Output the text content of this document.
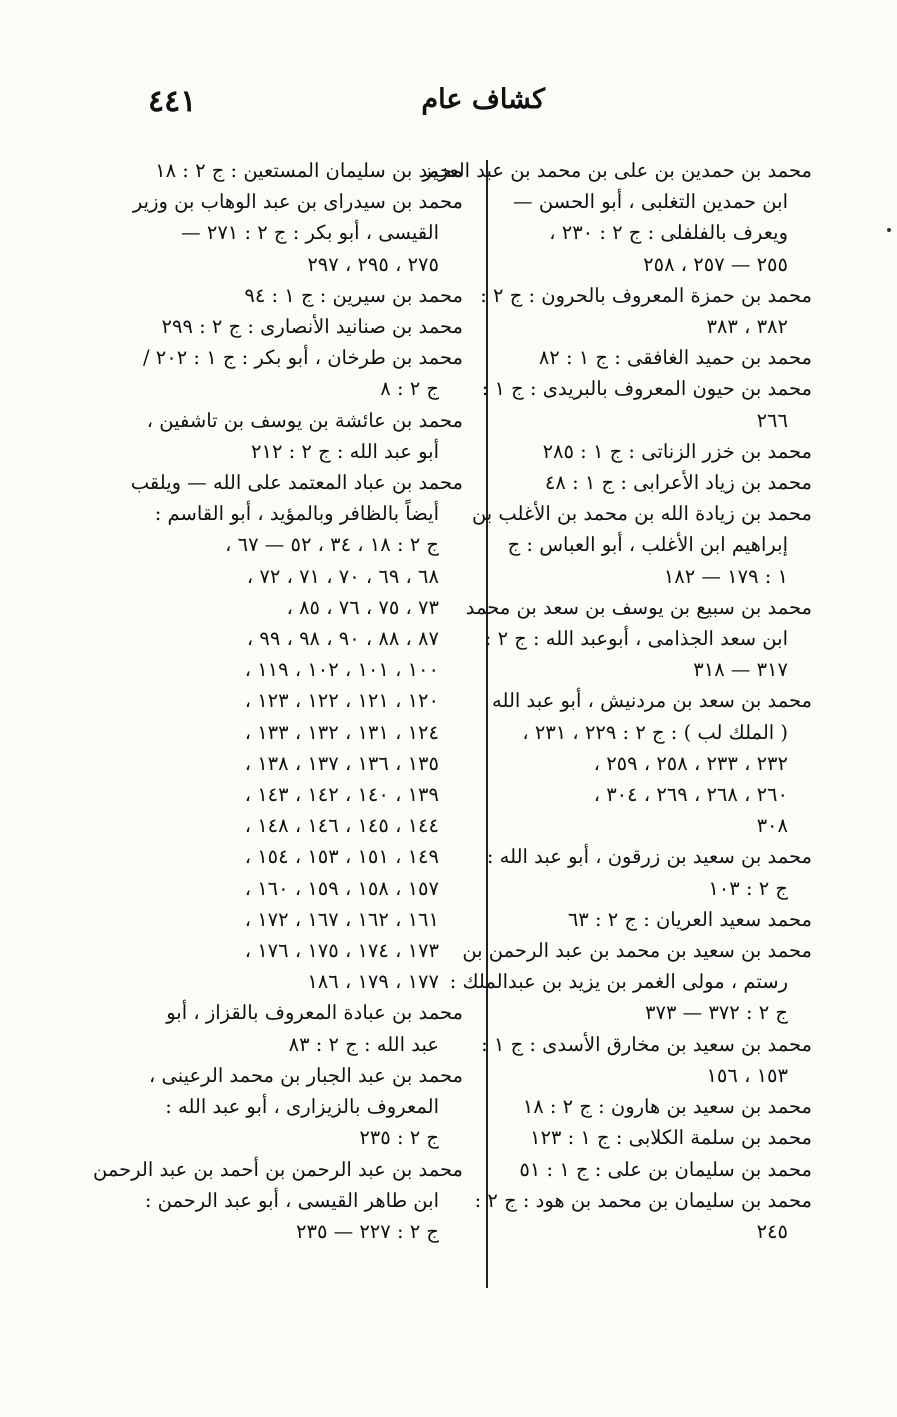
٤٤١	كشاف عام
محمد بن حمدين بن على بن محمد بن عبد العزيز
ابن حمدين التغلبى ، أبو الحسن —
ويعرف بالفلفلى : ج ٢ : ٢٣٠ ،
٢٥٥ — ٢٥٧ ، ٢٥٨
محمد بن حمزة المعروف بالحرون : ج ٢ :
٣٨٢ ، ٣٨٣
محمد بن حميد الغافقى : ج ١ : ٨٢
محمد بن حيون المعروف بالبريدى : ج ١ :
٢٦٦
محمد بن خزر الزناتى : ج ١ : ٢٨٥
محمد بن زياد الأعرابى : ج ١ : ٤٨
محمد بن زيادة الله بن محمد بن الأغلب بن
إبراهيم ابن الأغلب ، أبو العباس : ج
١ : ١٧٩ — ١٨٢
محمد بن سبيع بن يوسف بن سعد بن محمد
ابن سعد الجذامى ، أبوعبد الله : ج ٢ :
٣١٧ — ٣١٨
محمد بن سعد بن مردنيش ، أبو عبد الله
( الملك لب ) : ج ٢ : ٢٢٩ ، ٢٣١ ،
٢٣٢ ، ٢٣٣ ، ٢٥٨ ، ٢٥٩ ،
٢٦٠ ، ٢٦٨ ، ٢٦٩ ، ٣٠٤ ،
٣٠٨
محمد بن سعيد بن زرقون ، أبو عبد الله :
ج ٢ : ١٠٣
محمد سعيد العريان : ج ٢ : ٦٣
محمد بن سعيد بن محمد بن عبد الرحمن بن
رستم ، مولى الغمر بن يزيد بن عبدالملك :
ج ٢ : ٣٧٢ — ٣٧٣
محمد بن سعيد بن مخارق الأسدى : ج ١ :
١٥٣ ، ١٥٦
محمد بن سعيد بن هارون : ج ٢ : ١٨
محمد بن سلمة الكلابى : ج ١ : ١٢٣
محمد بن سليمان بن على : ج ١ : ٥١
محمد بن سليمان بن محمد بن هود : ج ٢ :
٢٤٥
محمد بن سليمان المستعين : ج ٢ : ١٨
محمد بن سيدراى بن عبد الوهاب بن وزير
القيسى ، أبو بكر : ج ٢ : ٢٧١ —
٢٧٥ ، ٢٩٥ ، ٢٩٧
محمد بن سيرين : ج ١ : ٩٤
محمد بن صنانيد الأنصارى : ج ٢ : ٢٩٩
محمد بن طرخان ، أبو بكر : ج ١ : ٢٠٢ /
ج ٢ : ٨
محمد بن عائشة بن يوسف بن تاشفين ،
أبو عبد الله : ج ٢ : ٢١٢
محمد بن عباد المعتمد على الله — ويلقب
أيضاً بالظافر وبالمؤيد ، أبو القاسم :
ج ٢ : ١٨ ، ٣٤ ، ٥٢ — ٦٧ ،
٦٨ ، ٦٩ ، ٧٠ ، ٧١ ، ٧٢ ،
٧٣ ، ٧٥ ، ٧٦ ، ٨٥ ،
٨٧ ، ٨٨ ، ٩٠ ، ٩٨ ، ٩٩ ،
١٠٠ ، ١٠١ ، ١٠٢ ، ١١٩ ،
١٢٠ ، ١٢١ ، ١٢٢ ، ١٢٣ ،
١٢٤ ، ١٣١ ، ١٣٢ ، ١٣٣ ،
١٣٥ ، ١٣٦ ، ١٣٧ ، ١٣٨ ،
١٣٩ ، ١٤٠ ، ١٤٢ ، ١٤٣ ،
١٤٤ ، ١٤٥ ، ١٤٦ ، ١٤٨ ،
١٤٩ ، ١٥١ ، ١٥٣ ، ١٥٤ ،
١٥٧ ، ١٥٨ ، ١٥٩ ، ١٦٠ ،
١٦١ ، ١٦٢ ، ١٦٧ ، ١٧٢ ،
١٧٣ ، ١٧٤ ، ١٧٥ ، ١٧٦ ،
١٧٧ ، ١٧٩ ، ١٨٦
محمد بن عبادة المعروف بالقزاز ، أبو
عبد الله : ج ٢ : ٨٣
محمد بن عبد الجبار بن محمد الرعينى ،
المعروف بالزيزارى ، أبو عبد الله :
ج ٢ : ٢٣٥
محمد بن عبد الرحمن بن أحمد بن عبد الرحمن
ابن طاهر القيسى ، أبو عبد الرحمن :
ج ٢ : ٢٢٧ — ٢٣٥
